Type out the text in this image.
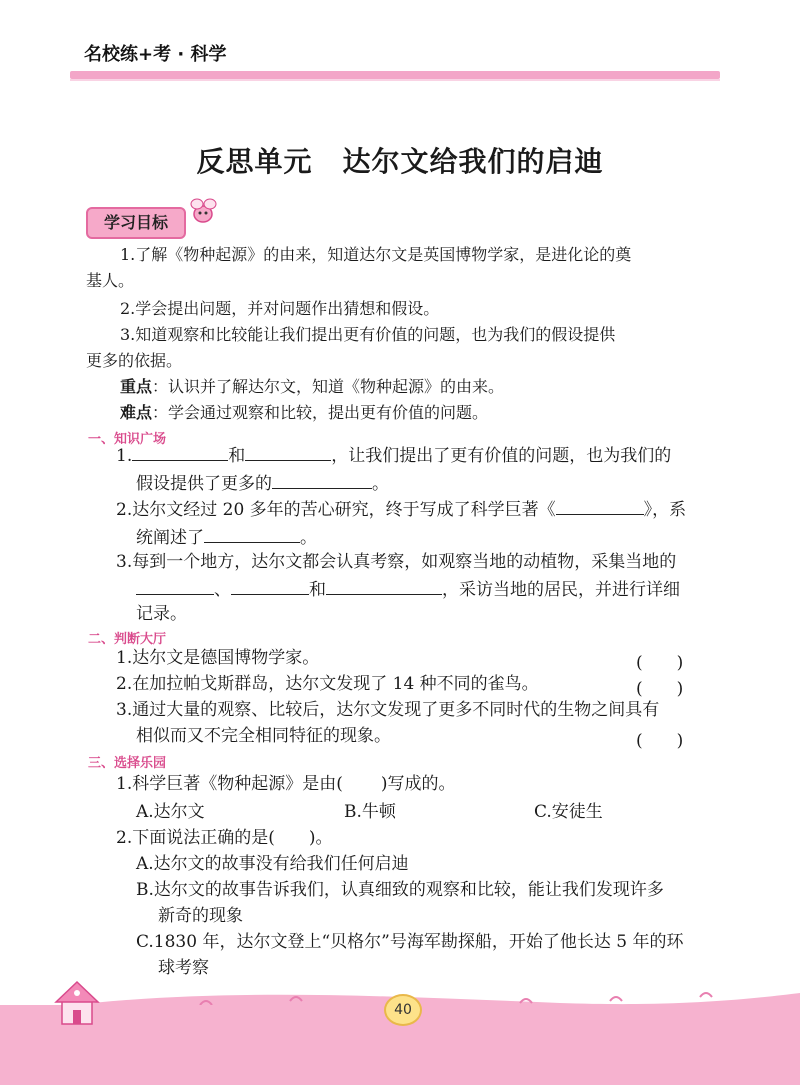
名校练+考 · 科学
反思单元 达尔文给我们的启迪
学习目标

1.了解《物种起源》的由来，知道达尔文是英国博物学家，是进化论的奠

基人。

2.学会提出问题，并对问题作出猜想和假设。

3.知道观察和比较能让我们提出更有价值的问题，也为我们的假设提供

更多的依据。

重点：认识并了解达尔文，知道《物种起源》的由来。

难点：学会通过观察和比较，提出更有价值的问题。

一、知识广场
1.	和	，让我们提出了更有价值的问题，也为我们的
假设提供了更多的	。
2.达尔文经过 20 多年的苦心研究，终于写成了科学巨著《	》，系
统阐述了	。
3.每到一个地方，达尔文都会认真考察，如观察当地的动植物，采集当地的
、	和	，采访当地的居民，并进行详细
记录。
二、判断大厅
1.达尔文是德国博物学家。	(　　)
2.在加拉帕戈斯群岛，达尔文发现了 14 种不同的雀鸟。	(　　)
3.通过大量的观察、比较后，达尔文发现了更多不同时代的生物之间具有
相似而又不完全相同特征的现象。	(　　)
三、选择乐园
1.科学巨著《物种起源》是由( )写成的。
A.达尔文	B.牛顿	C.安徒生
2.下面说法正确的是( )。
A.达尔文的故事没有给我们任何启迪
B.达尔文的故事告诉我们，认真细致的观察和比较，能让我们发现许多
新奇的现象
C.1830 年，达尔文登上“贝格尔”号海军勘探船，开始了他长达 5 年的环
球考察
40
